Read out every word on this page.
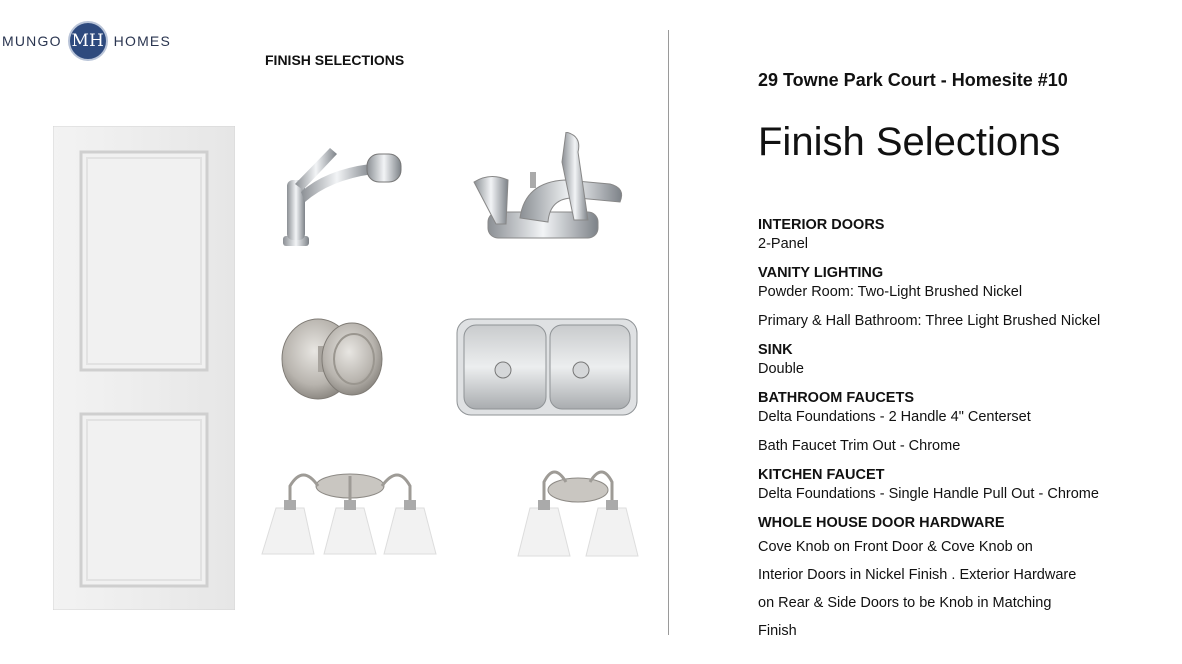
MUNGO MH HOMES
FINISH SELECTIONS
29 Towne Park Court - Homesite #10
Finish Selections
INTERIOR DOORS
2-Panel
VANITY LIGHTING
Powder Room: Two-Light Brushed Nickel
Primary & Hall Bathroom: Three Light Brushed Nickel
SINK
Double
BATHROOM FAUCETS
Delta Foundations - 2 Handle 4" Centerset
Bath Faucet Trim Out - Chrome
KITCHEN FAUCET
Delta Foundations - Single Handle Pull Out - Chrome
WHOLE HOUSE DOOR HARDWARE
Cove Knob on Front Door & Cove Knob on
Interior Doors in Nickel Finish . Exterior Hardware
on Rear & Side Doors to be Knob in Matching
Finish
